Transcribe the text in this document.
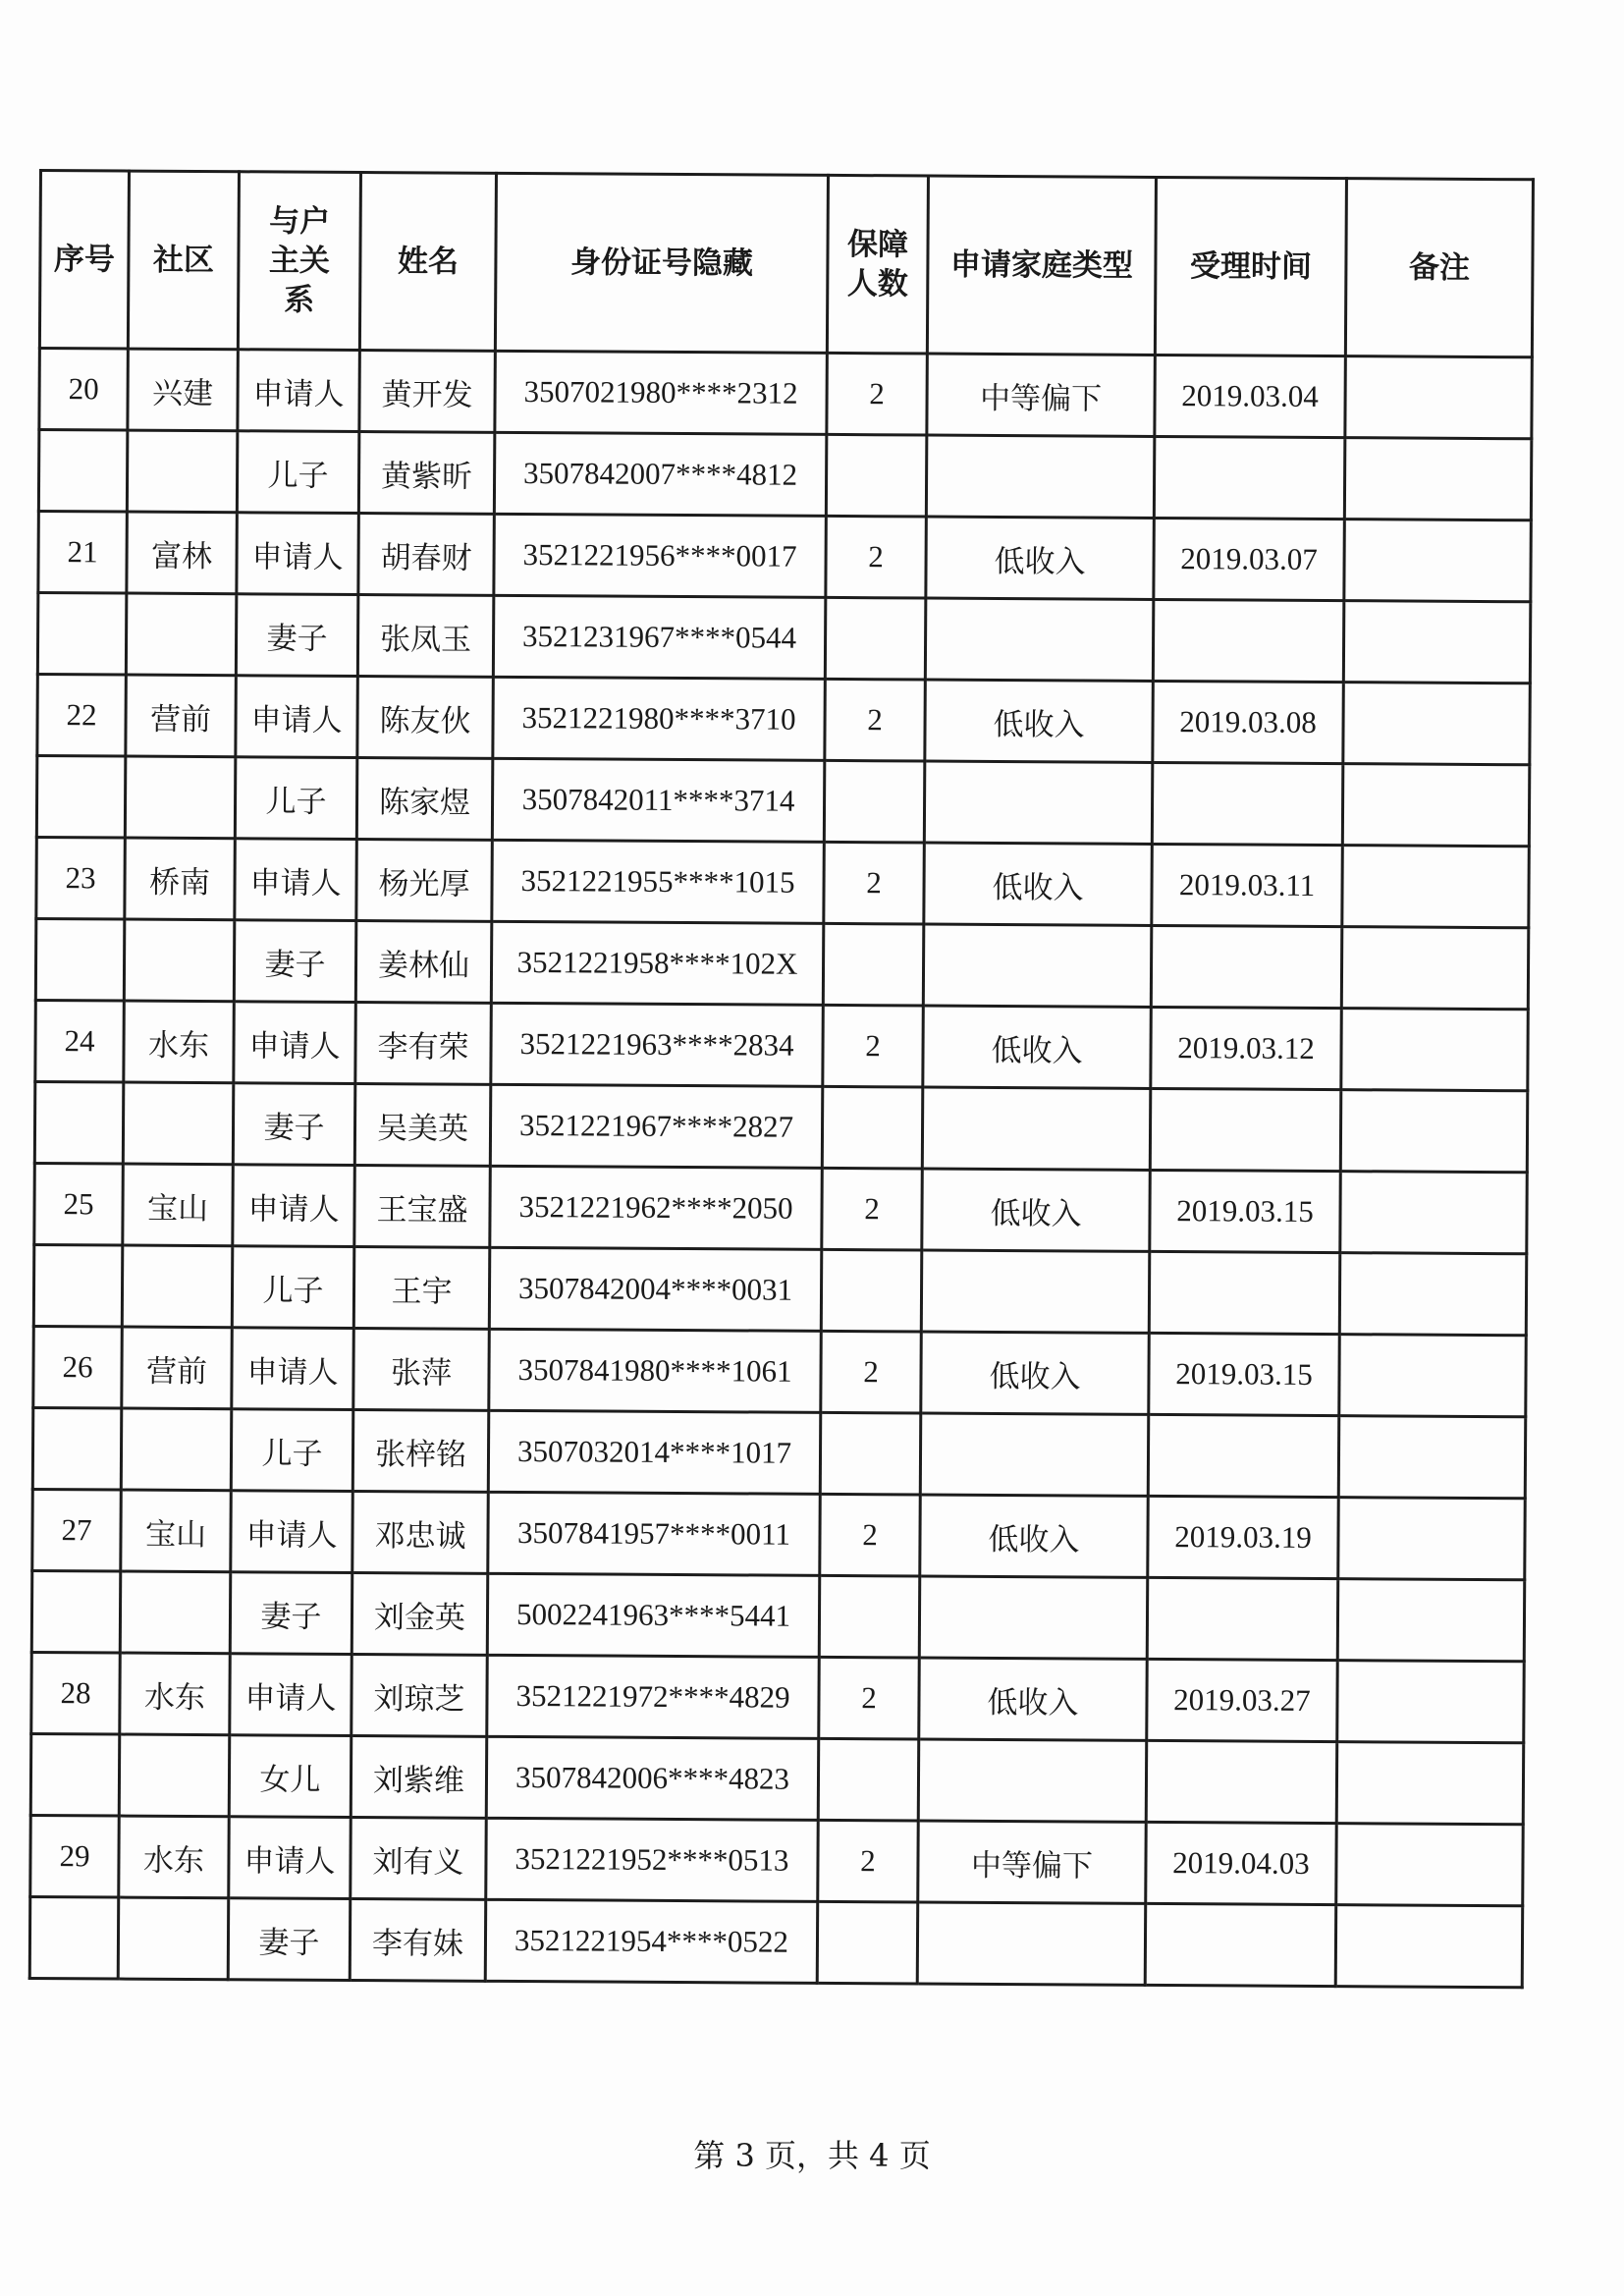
序号	社区	与户主关系	姓名	身份证号隐藏	保障人数	申请家庭类型	受理时间	备注
20	兴建	申请人	黄开发	3507021980****2312	2	中等偏下	2019.03.04	
		儿子	黄紫昕	3507842007****4812				
21	富林	申请人	胡春财	3521221956****0017	2	低收入	2019.03.07	
		妻子	张凤玉	3521231967****0544				
22	营前	申请人	陈友伙	3521221980****3710	2	低收入	2019.03.08	
		儿子	陈家煜	3507842011****3714				
23	桥南	申请人	杨光厚	3521221955****1015	2	低收入	2019.03.11	
		妻子	姜林仙	3521221958****102X				
24	水东	申请人	李有荣	3521221963****2834	2	低收入	2019.03.12	
		妻子	吴美英	3521221967****2827				
25	宝山	申请人	王宝盛	3521221962****2050	2	低收入	2019.03.15	
		儿子	王宇	3507842004****0031				
26	营前	申请人	张萍	3507841980****1061	2	低收入	2019.03.15	
		儿子	张梓铭	3507032014****1017				
27	宝山	申请人	邓忠诚	3507841957****0011	2	低收入	2019.03.19	
		妻子	刘金英	5002241963****5441				
28	水东	申请人	刘琼芝	3521221972****4829	2	低收入	2019.03.27	
		女儿	刘紫维	3507842006****4823				
29	水东	申请人	刘有义	3521221952****0513	2	中等偏下	2019.04.03	
		妻子	李有妹	3521221954****0522				
第 3 页，共 4 页
